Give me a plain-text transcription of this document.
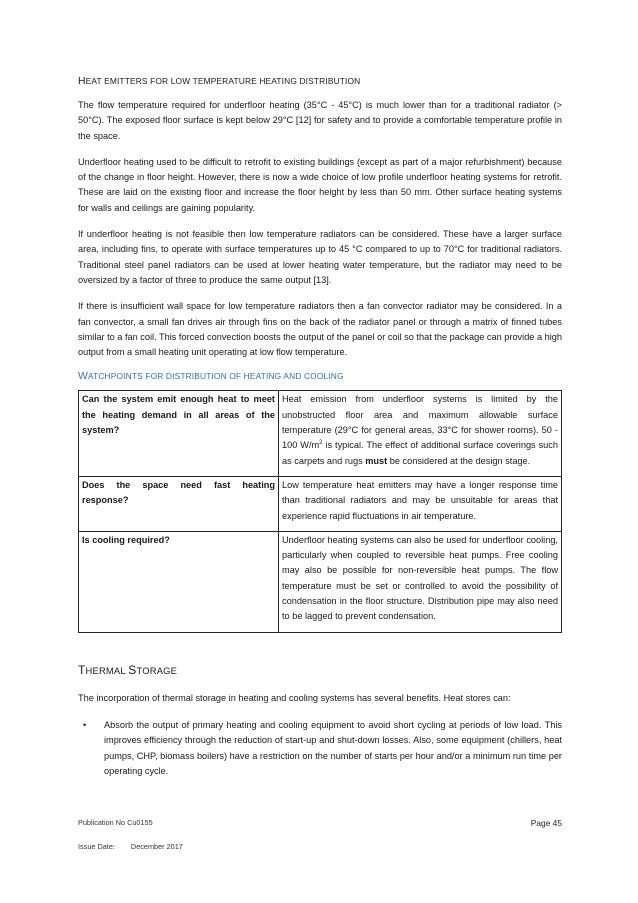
HEAT EMITTERS FOR LOW TEMPERATURE HEATING DISTRIBUTION

The flow temperature required for underfloor heating (35°C - 45°C) is much lower than for a traditional radiator (> 50°C). The exposed floor surface is kept below 29°C [12] for safety and to provide a comfortable temperature profile in the space.

Underfloor heating used to be difficult to retrofit to existing buildings (except as part of a major refurbishment) because of the change in floor height. However, there is now a wide choice of low profile underfloor heating systems for retrofit. These are laid on the existing floor and increase the floor height by less than 50 mm. Other surface heating systems for walls and ceilings are gaining popularity.

If underfloor heating is not feasible then low temperature radiators can be considered. These have a larger surface area, including fins, to operate with surface temperatures up to 45 °C compared to up to 70°C for traditional radiators. Traditional steel panel radiators can be used at lower heating water temperature, but the radiator may need to be oversized by a factor of three to produce the same output [13].

If there is insufficient wall space for low temperature radiators then a fan convector radiator may be considered. In a fan convector, a small fan drives air through fins on the back of the radiator panel or through a matrix of finned tubes similar to a fan coil. This forced convection boosts the output of the panel or coil so that the package can provide a high output from a small heating unit operating at low flow temperature.

WATCHPOINTS FOR DISTRIBUTION OF HEATING AND COOLING
Can the system emit enough heat to meet the heating demand in all areas of the system?	Heat emission from underfloor systems is limited by the unobstructed floor area and maximum allowable surface temperature (29°C for general areas, 33°C for shower rooms). 50 - 100 $W/m^2$ is typical. The effect of additional surface coverings such as carpets and rugs must be considered at the design stage.
Does the space need fast heating response?	Low temperature heat emitters may have a longer response time than traditional radiators and may be unsuitable for areas that experience rapid fluctuations in air temperature.
Is cooling required?	Underfloor heating systems can also be used for underfloor cooling, particularly when coupled to reversible heat pumps. Free cooling may also be possible for non-reversible heat pumps. The flow temperature must be set or controlled to avoid the possibility of condensation in the floor structure. Distribution pipe may also need to be lagged to prevent condensation.
THERMAL STORAGE

The incorporation of thermal storage in heating and cooling systems has several benefits. Heat stores can:

• Absorb the output of primary heating and cooling equipment to avoid short cycling at periods of low load. This improves efficiency through the reduction of start-up and shut-down losses. Also, some equipment (chillers, heat pumps, CHP, biomass boilers) have a restriction on the number of starts per hour and/or a minimum run time per operating cycle.
Publication No Cu0155	Page 45
Issue Date: December 2017
